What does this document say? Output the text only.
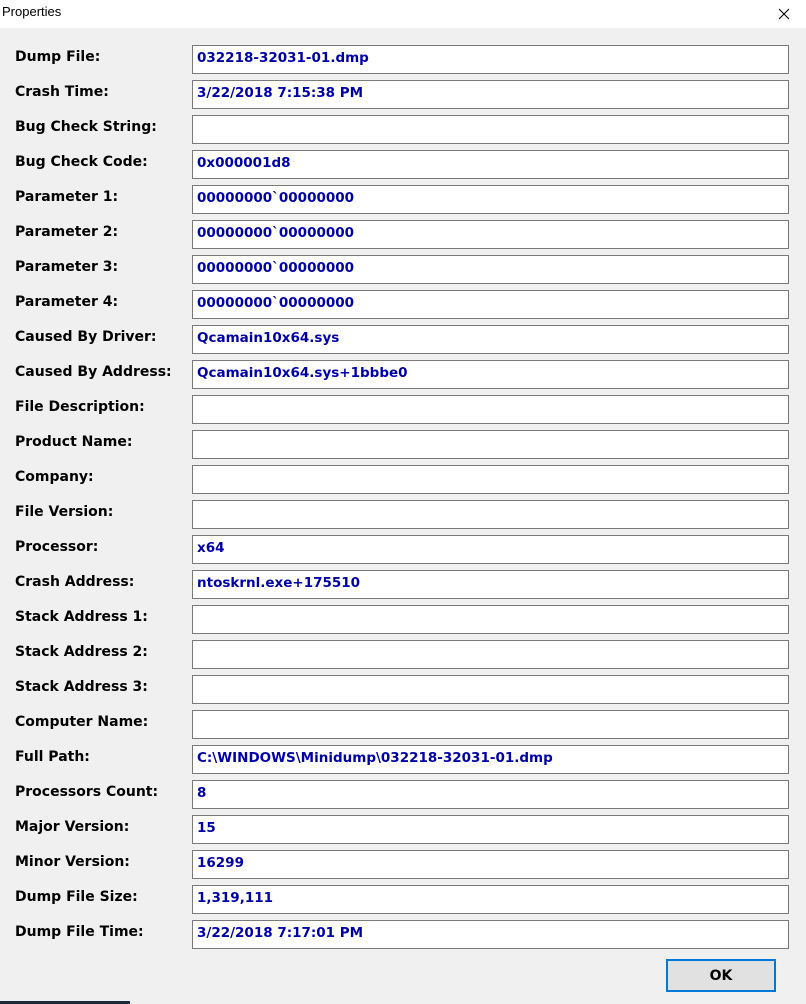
Properties
Dump File:	032218-32031-01.dmp
Crash Time:	3/22/2018 7:15:38 PM
Bug Check String:
Bug Check Code:	0x000001d8
Parameter 1:	00000000`00000000
Parameter 2:	00000000`00000000
Parameter 3:	00000000`00000000
Parameter 4:	00000000`00000000
Caused By Driver:	Qcamain10x64.sys
Caused By Address:	Qcamain10x64.sys+1bbbe0
File Description:
Product Name:
Company:
File Version:
Processor:	x64
Crash Address:	ntoskrnl.exe+175510
Stack Address 1:
Stack Address 2:
Stack Address 3:
Computer Name:
Full Path:	C:\WINDOWS\Minidump\032218-32031-01.dmp
Processors Count:	8
Major Version:	15
Minor Version:	16299
Dump File Size:	1,319,111
Dump File Time:	3/22/2018 7:17:01 PM
OK
